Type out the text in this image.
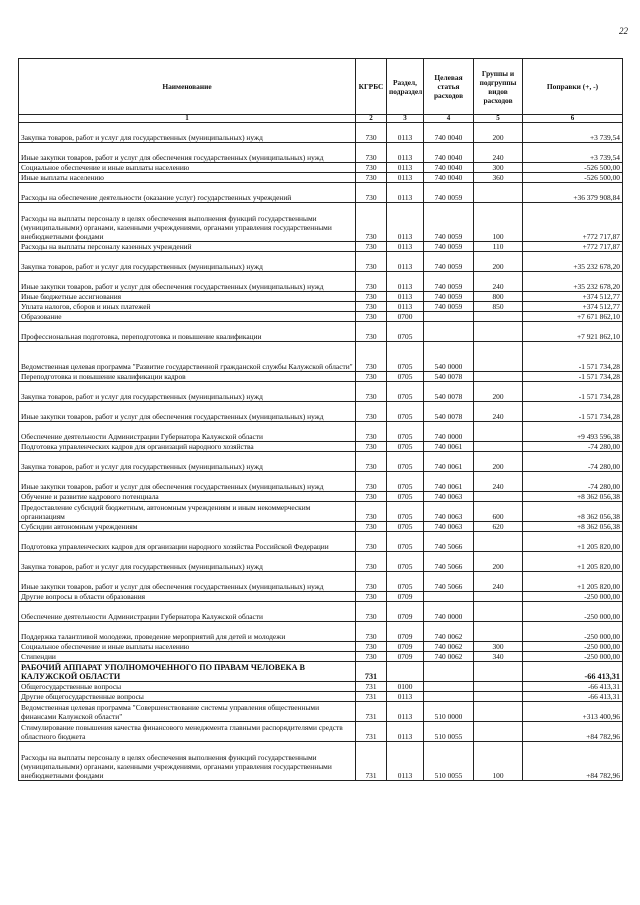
22
Наименование	КГРБС	Раздел, подраздел	Целевая статья расходов	Группы и подгруппы видов расходов	Поправки (+, -)
1	2	3	4	5	6
Закупка товаров, работ и услуг для государственных (муниципальных) нужд	730	0113	740 0040	200	+3 739,54
Иные закупки товаров, работ и услуг для обеспечения государственных (муниципальных) нужд	730	0113	740 0040	240	+3 739,54
Социальное обеспечение и иные выплаты населению	730	0113	740 0040	300	-526 500,00
Иные выплаты населению	730	0113	740 0040	360	-526 500,00
Расходы на обеспечение деятельности (оказание услуг) государственных учреждений	730	0113	740 0059		+36 379 908,84
Расходы на выплаты персоналу в целях обеспечения выполнения функций государственными (муниципальными) органами, казенными учреждениями, органами управления государственными внебюджетными фондами	730	0113	740 0059	100	+772 717,87
Расходы на выплаты персоналу казенных учреждений	730	0113	740 0059	110	+772 717,87
Закупка товаров, работ и услуг для государственных (муниципальных) нужд	730	0113	740 0059	200	+35 232 678,20
Иные закупки товаров, работ и услуг для обеспечения государственных (муниципальных) нужд	730	0113	740 0059	240	+35 232 678,20
Иные бюджетные ассигнования	730	0113	740 0059	800	+374 512,77
Уплата налогов, сборов и иных платежей	730	0113	740 0059	850	+374 512,77
Образование	730	0700			+7 671 862,10
Профессиональная подготовка, переподготовка и повышение квалификации	730	0705			+7 921 862,10
Ведомственная целевая программа "Развитие государственной гражданской службы Калужской области"	730	0705	540 0000		-1 571 734,28
Переподготовка и повышение квалификации кадров	730	0705	540 0078		-1 571 734,28
Закупка товаров, работ и услуг для государственных (муниципальных) нужд	730	0705	540 0078	200	-1 571 734,28
Иные закупки товаров, работ и услуг для обеспечения государственных (муниципальных) нужд	730	0705	540 0078	240	-1 571 734,28
Обеспечение деятельности Администрации Губернатора Калужской области	730	0705	740 0000		+9 493 596,38
Подготовка управленческих кадров для организаций народного хозяйства	730	0705	740 0061		-74 280,00
Закупка товаров, работ и услуг для государственных (муниципальных) нужд	730	0705	740 0061	200	-74 280,00
Иные закупки товаров, работ и услуг для обеспечения государственных (муниципальных) нужд	730	0705	740 0061	240	-74 280,00
Обучение и развитие кадрового потенциала	730	0705	740 0063		+8 362 056,38
Предоставление субсидий бюджетным, автономным учреждениям и иным некоммерческим организациям	730	0705	740 0063	600	+8 362 056,38
Субсидии автономным учреждениям	730	0705	740 0063	620	+8 362 056,38
Подготовка управленческих кадров для организации народного хозяйства Российской Федерации	730	0705	740 5066		+1 205 820,00
Закупка товаров, работ и услуг для государственных (муниципальных) нужд	730	0705	740 5066	200	+1 205 820,00
Иные закупки товаров, работ и услуг для обеспечения государственных (муниципальных) нужд	730	0705	740 5066	240	+1 205 820,00
Другие вопросы в области образования	730	0709			-250 000,00
Обеспечение деятельности Администрации Губернатора Калужской области	730	0709	740 0000		-250 000,00
Поддержка талантливой молодежи, проведение мероприятий для детей и молодежи	730	0709	740 0062		-250 000,00
Социальное обеспечение и иные выплаты населению	730	0709	740 0062	300	-250 000,00
Стипендии	730	0709	740 0062	340	-250 000,00
РАБОЧИЙ АППАРАТ УПОЛНОМОЧЕННОГО ПО ПРАВАМ ЧЕЛОВЕКА В КАЛУЖСКОЙ ОБЛАСТИ	731				-66 413,31
Общегосударственные вопросы	731	0100			-66 413,31
Другие общегосударственные вопросы	731	0113			-66 413,31
Ведомственная целевая программа "Совершенствование системы управления общественными финансами Калужской области"	731	0113	510 0000		+313 400,96
Стимулирование повышения качества финансового менеджмента главными распорядителями средств областного бюджета	731	0113	510 0055		+84 782,96
Расходы на выплаты персоналу в целях обеспечения выполнения функций государственными (муниципальными) органами, казенными учреждениями, органами управления государственными внебюджетными фондами	731	0113	510 0055	100	+84 782,96
